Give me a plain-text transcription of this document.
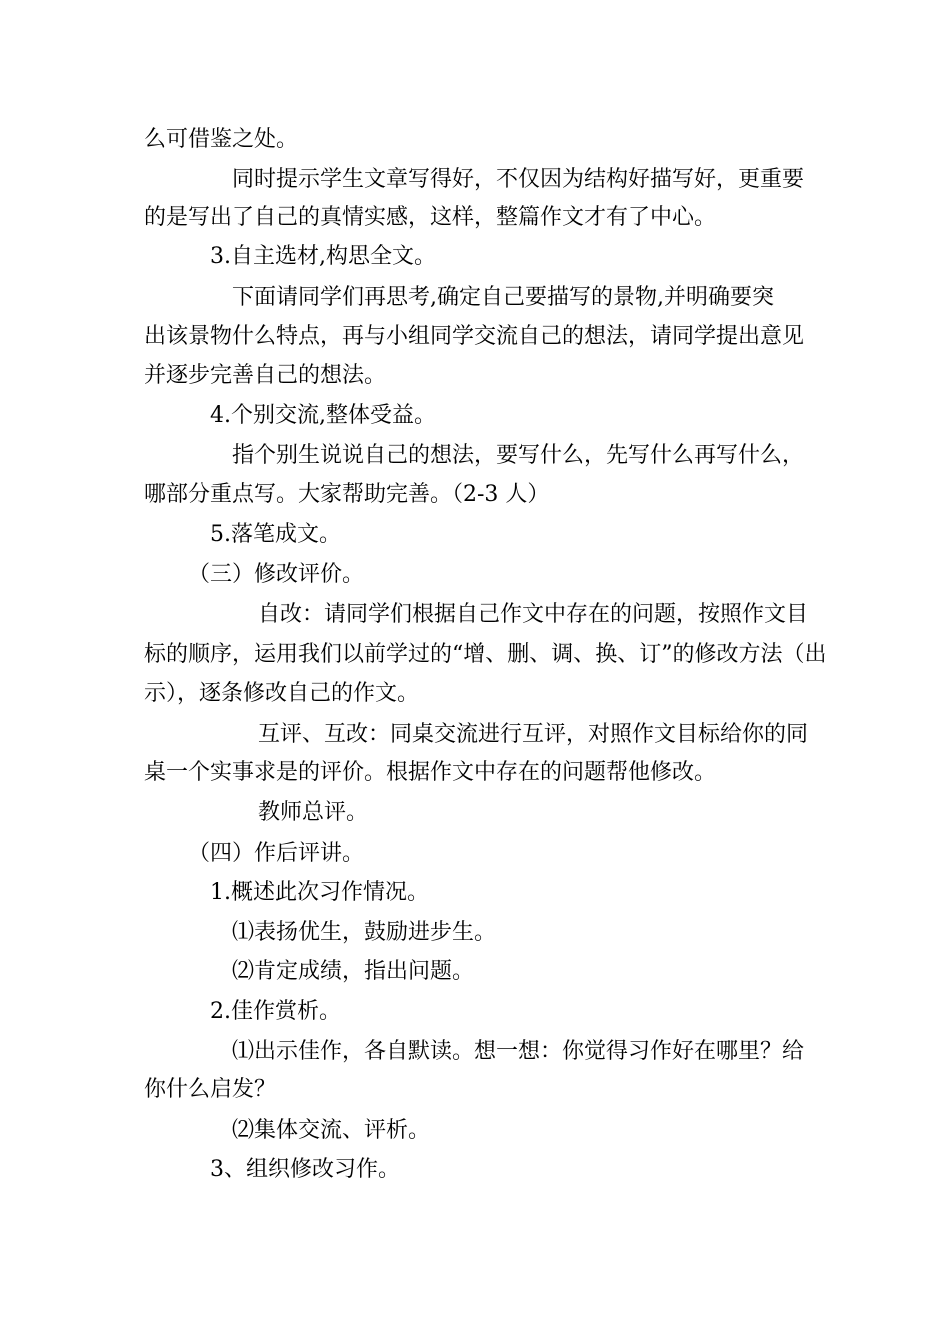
么可借鉴之处。
同时提示学生文章写得好，不仅因为结构好描写好，更重要
的是写出了自己的真情实感，这样，整篇作文才有了中心。
3.自主选材,构思全文。
下面请同学们再思考,确定自己要描写的景物,并明确要突
出该景物什么特点，再与小组同学交流自己的想法，请同学提出意见
并逐步完善自己的想法。
4.个别交流,整体受益。
指个别生说说自己的想法，要写什么，先写什么再写什么，
哪部分重点写。大家帮助完善。（2-3 人）
5.落笔成文。
（三）修改评价。
自改：请同学们根据自己作文中存在的问题，按照作文目
标的顺序，运用我们以前学过的“增、删、调、换、订”的修改方法（出
示），逐条修改自己的作文。
互评、互改：同桌交流进行互评，对照作文目标给你的同
桌一个实事求是的评价。根据作文中存在的问题帮他修改。
教师总评。
（四）作后评讲。
1.概述此次习作情况。
⑴表扬优生，鼓励进步生。
⑵肯定成绩，指出问题。
2.佳作赏析。
⑴出示佳作，各自默读。想一想：你觉得习作好在哪里？给
你什么启发？
⑵集体交流、评析。
3、组织修改习作。
